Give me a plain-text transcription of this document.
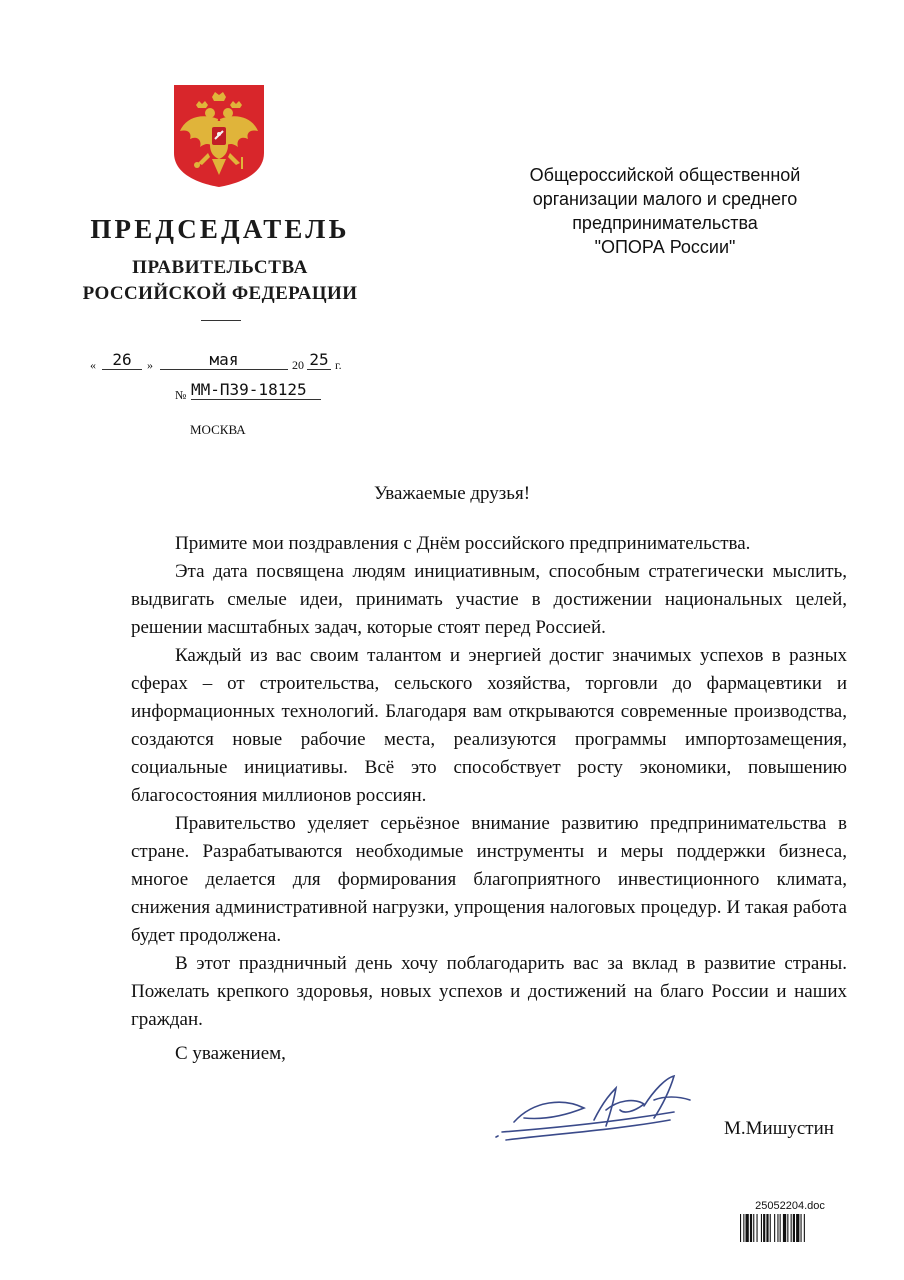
ПРЕДСЕДАТЕЛЬ
ПРАВИТЕЛЬСТВА
РОССИЙСКОЙ ФЕДЕРАЦИИ
«	26	»	мая	20 25 г.
№ ММ-П39-18125
МОСКВА
Общероссийской общественной
организации малого и среднего
предпринимательства
"ОПОРА России"
Уважаемые друзья!

Примите мои поздравления с Днём российского предпринимательства.

Эта дата посвящена людям инициативным, способным стратегически мыслить, выдвигать смелые идеи, принимать участие в достижении национальных целей, решении масштабных задач, которые стоят перед Россией.

Каждый из вас своим талантом и энергией достиг значимых успехов в разных сферах – от строительства, сельского хозяйства, торговли до фармацевтики и информационных технологий. Благодаря вам открываются современные производства, создаются новые рабочие места, реализуются программы импортозамещения, социальные инициативы. Всё это способствует росту экономики, повышению благосостояния миллионов россиян.

Правительство уделяет серьёзное внимание развитию предпринимательства в стране. Разрабатываются необходимые инструменты и меры поддержки бизнеса, многое делается для формирования благоприятного инвестиционного климата, снижения административной нагрузки, упрощения налоговых процедур. И такая работа будет продолжена.

В этот праздничный день хочу поблагодарить вас за вклад в развитие страны. Пожелать крепкого здоровья, новых успехов и достижений на благо России и наших граждан.

С уважением,
М.Мишустин
25052204.doc
